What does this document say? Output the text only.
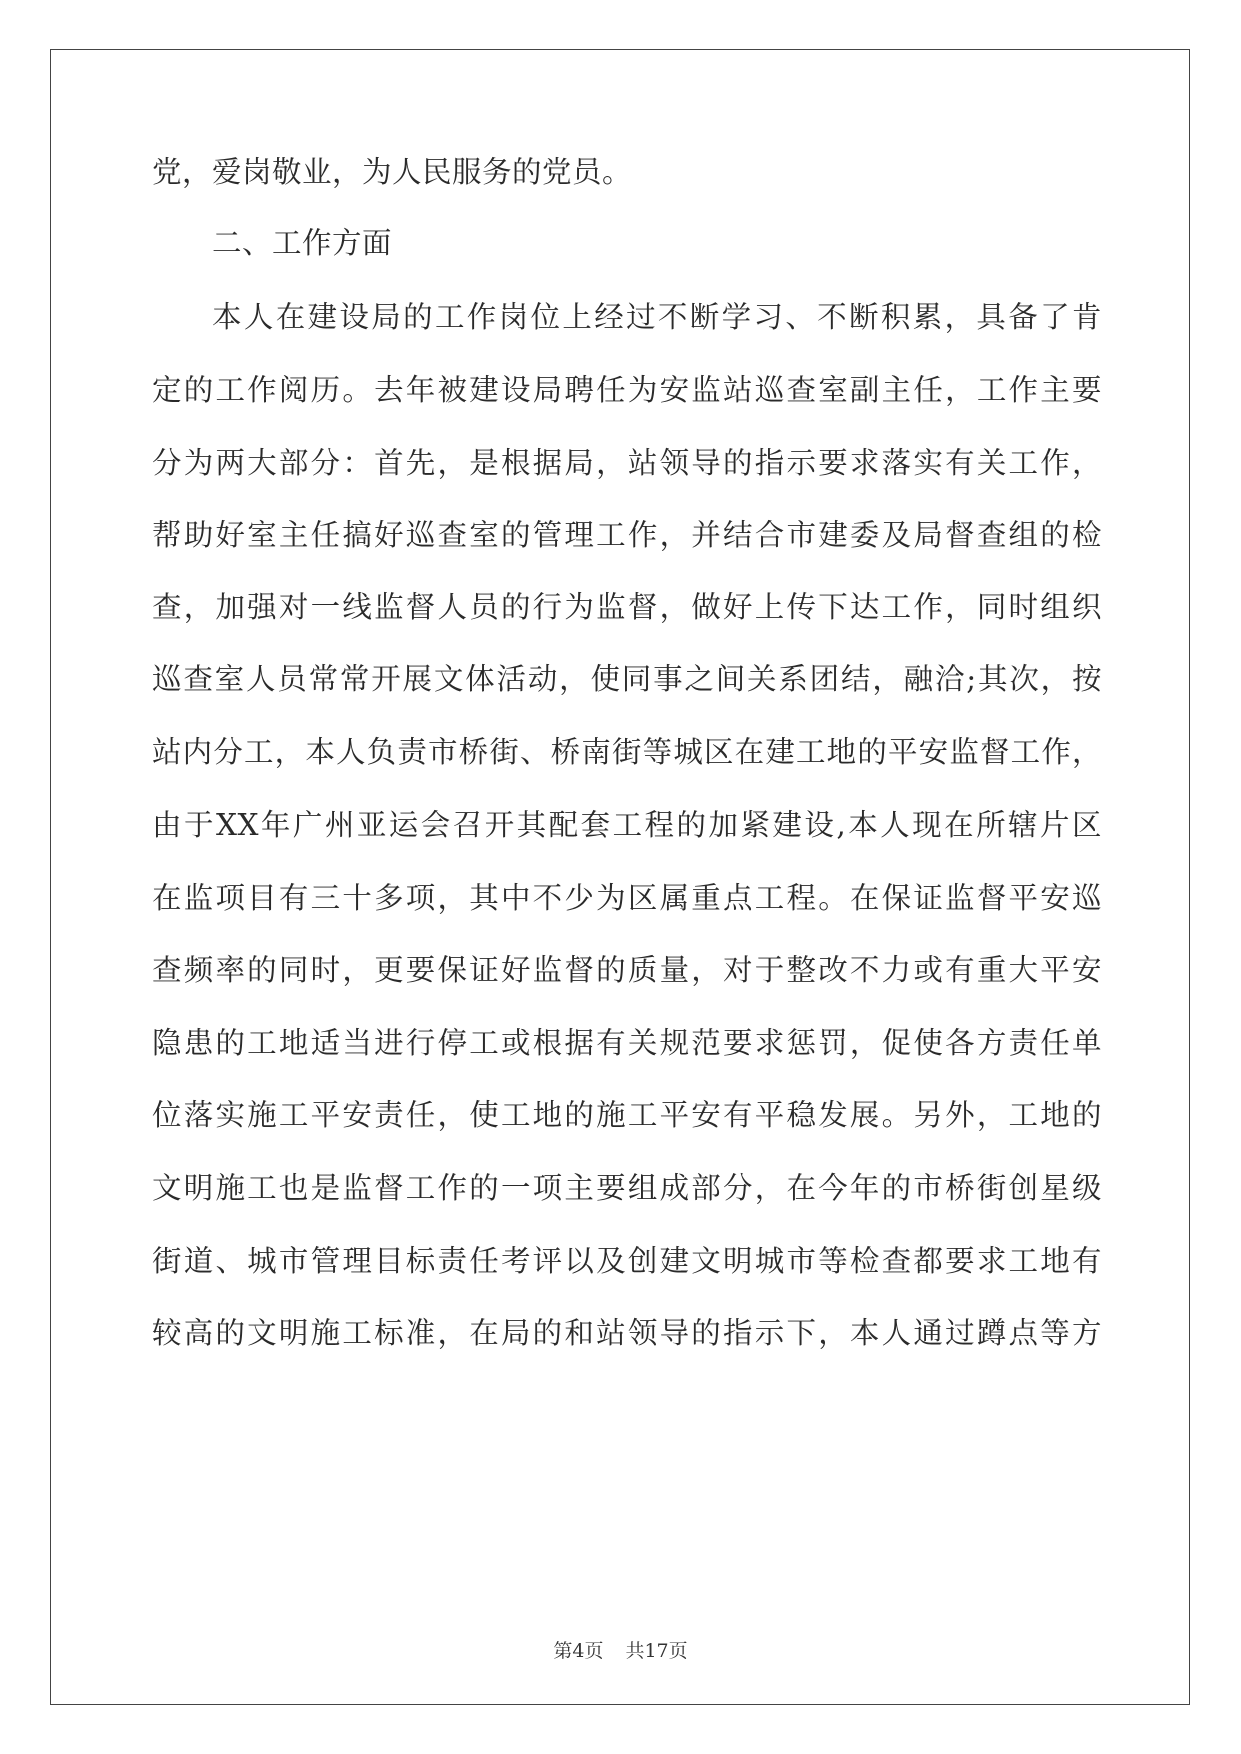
党，爱岗敬业，为人民服务的党员。
二、工作方面
本人在建设局的工作岗位上经过不断学习、不断积累，具备了肯
定的工作阅历。去年被建设局聘任为安监站巡查室副主任，工作主要
分为两大部分：首先，是根据局，站领导的指示要求落实有关工作，
帮助好室主任搞好巡查室的管理工作，并结合市建委及局督查组的检
查，加强对一线监督人员的行为监督，做好上传下达工作，同时组织
巡查室人员常常开展文体活动，使同事之间关系团结，融洽;其次，按
站内分工，本人负责市桥街、桥南街等城区在建工地的平安监督工作，
由于XX年广州亚运会召开其配套工程的加紧建设,本人现在所辖片区
在监项目有三十多项，其中不少为区属重点工程。在保证监督平安巡
查频率的同时，更要保证好监督的质量，对于整改不力或有重大平安
隐患的工地适当进行停工或根据有关规范要求惩罚，促使各方责任单
位落实施工平安责任，使工地的施工平安有平稳发展。另外，工地的
文明施工也是监督工作的一项主要组成部分，在今年的市桥街创星级
街道、城市管理目标责任考评以及创建文明城市等检查都要求工地有
较高的文明施工标准，在局的和站领导的指示下，本人通过蹲点等方
第4页 共17页
